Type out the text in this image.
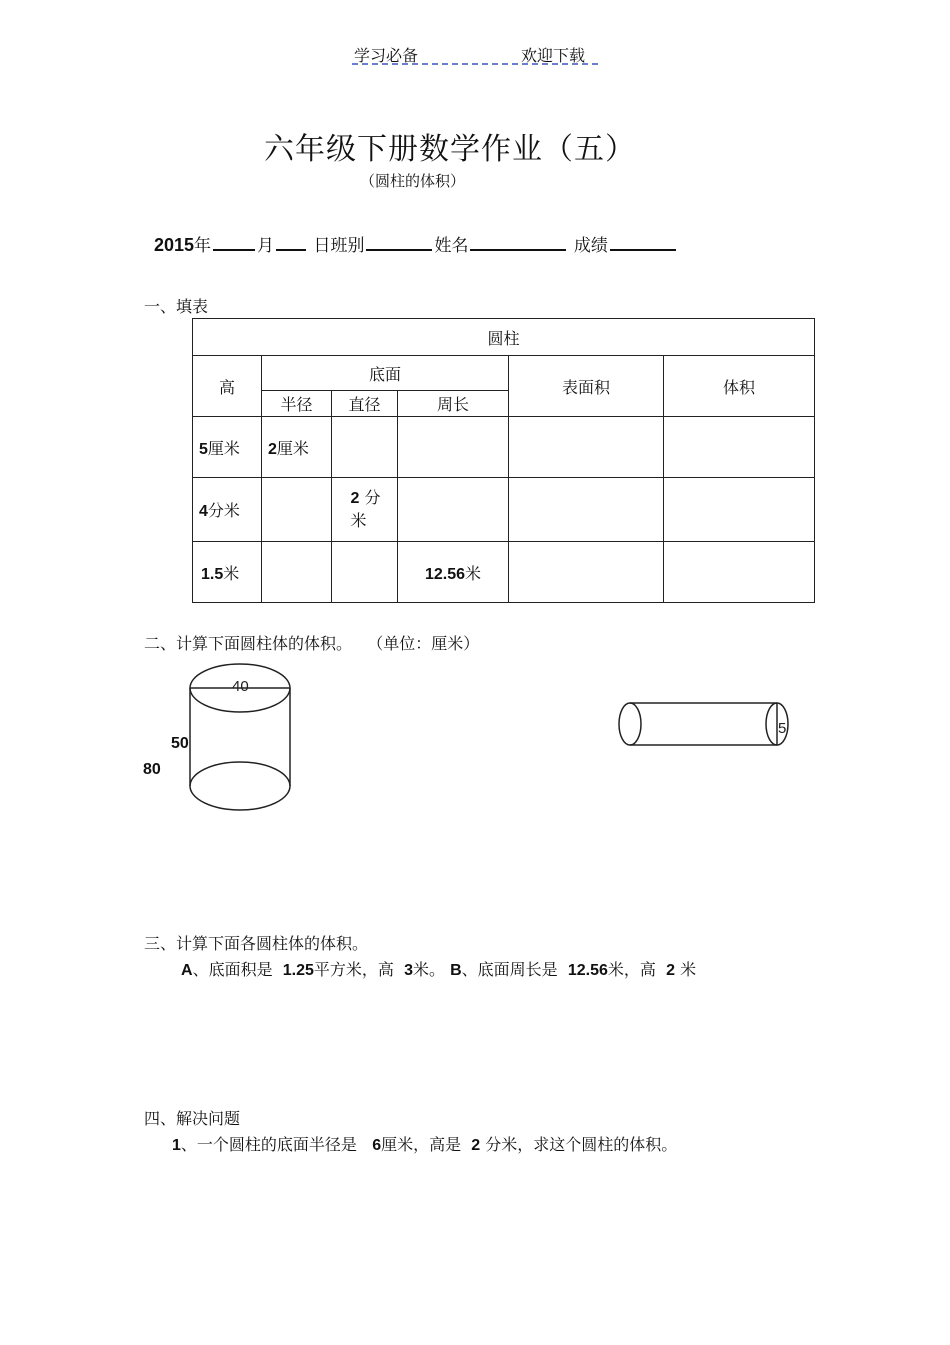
学习必备	欢迎下载
六年级下册数学作业（五）
（圆柱的体积）
2015年	月 日班别	姓名	成绩
一、填表
圆柱					
高	底面			表面积	体积
	半径	直径	周长		
5厘米	2厘米				
4分米		2 分米			

1.5米			12.56米		
二、计算下面圆柱体的体积。 （单位：厘米）
40
50
80
5
三、计算下面各圆柱体的体积。
A、底面积是 1.25平方米，高 3米。 B、底面周长是 12.56米，高 2 米
四、解决问题
1、一个圆柱的底面半径是 6厘米，高是 2 分米，求这个圆柱的体积。
